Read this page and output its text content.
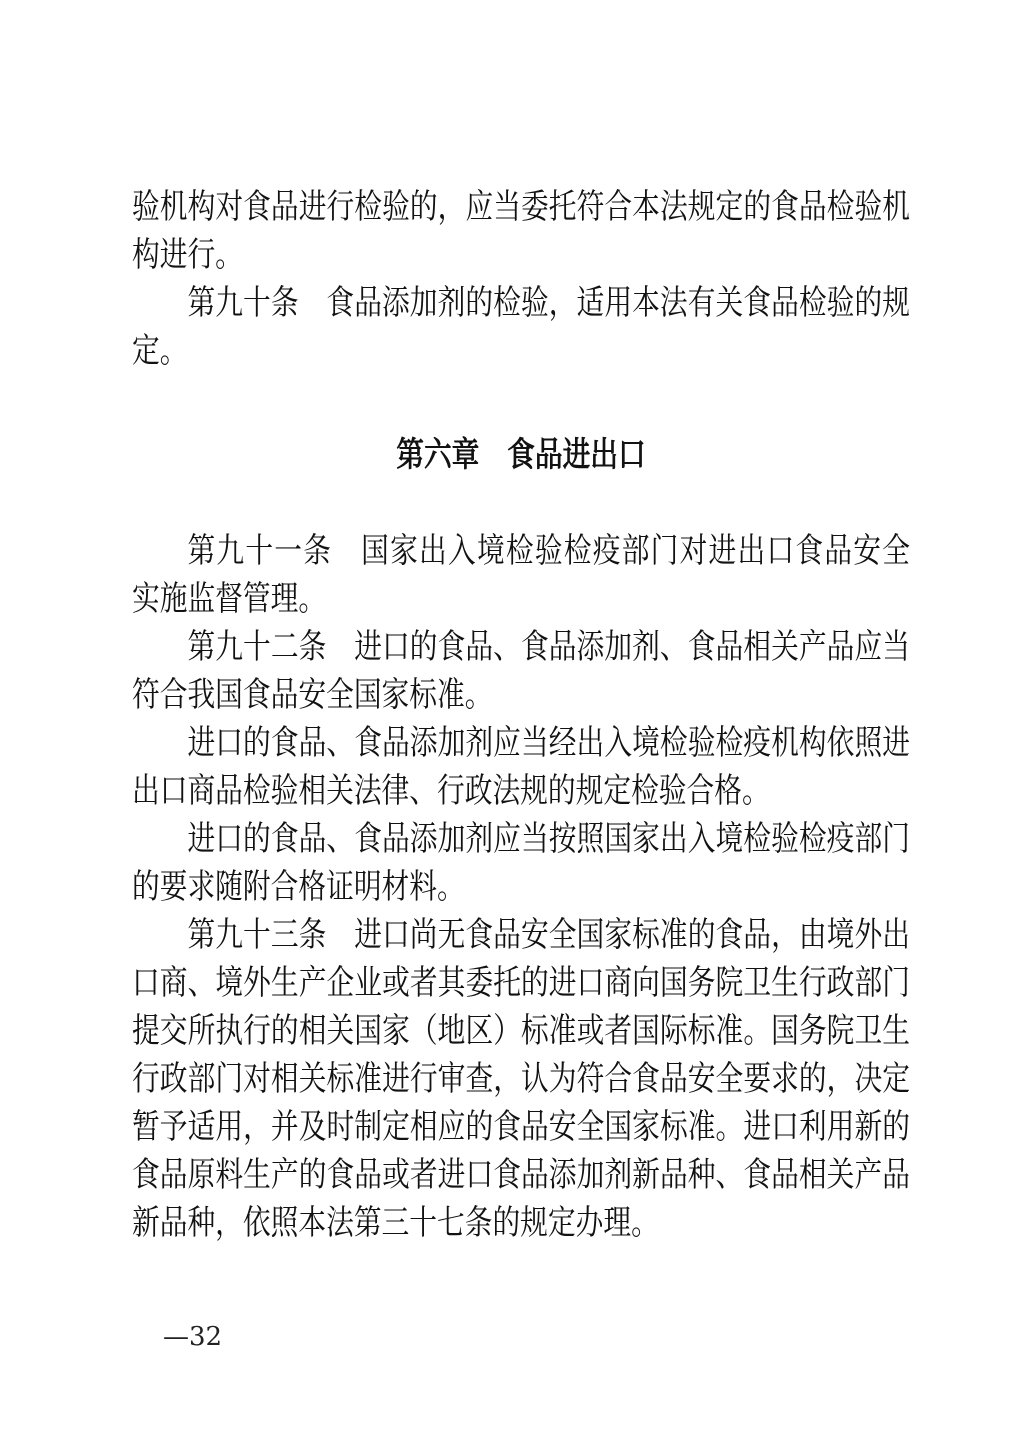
验机构对食品进行检验的，应当委托符合本法规定的食品检验机
构进行。
第九十条　食品添加剂的检验，适用本法有关食品检验的规
定。
第六章　食品进出口
第九十一条　国家出入境检验检疫部门对进出口食品安全
实施监督管理。
第九十二条　进口的食品、食品添加剂、食品相关产品应当
符合我国食品安全国家标准。
进口的食品、食品添加剂应当经出入境检验检疫机构依照进
出口商品检验相关法律、行政法规的规定检验合格。
进口的食品、食品添加剂应当按照国家出入境检验检疫部门
的要求随附合格证明材料。
第九十三条　进口尚无食品安全国家标准的食品，由境外出
口商、境外生产企业或者其委托的进口商向国务院卫生行政部门
提交所执行的相关国家（地区）标准或者国际标准。国务院卫生
行政部门对相关标准进行审查，认为符合食品安全要求的，决定
暂予适用，并及时制定相应的食品安全国家标准。进口利用新的
食品原料生产的食品或者进口食品添加剂新品种、食品相关产品
新品种，依照本法第三十七条的规定办理。
—32
